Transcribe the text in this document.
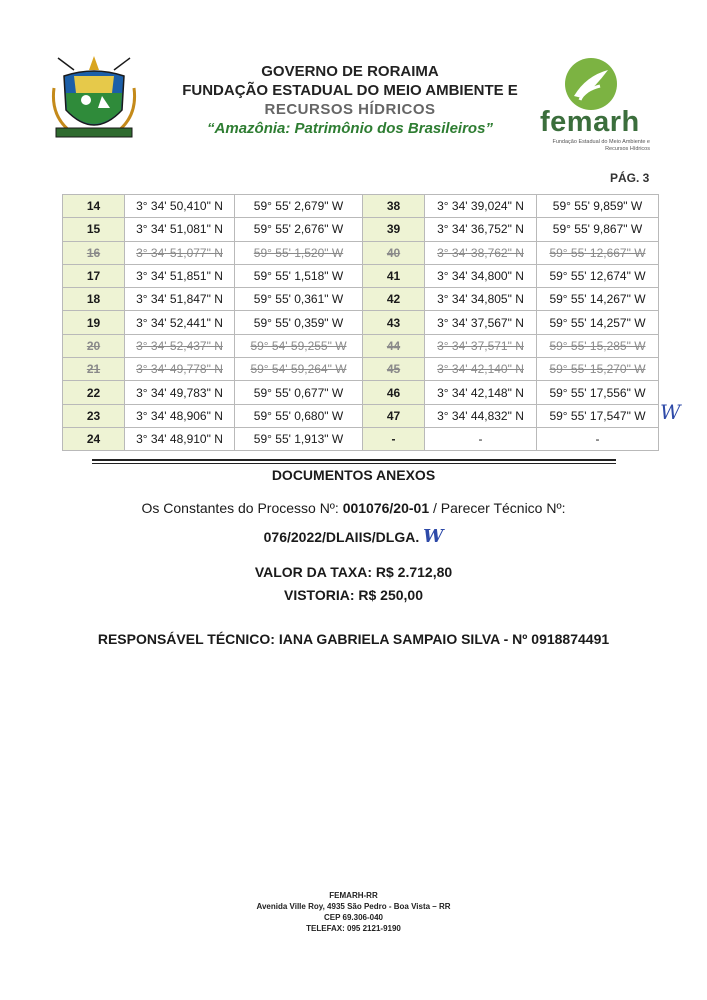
GOVERNO DE RORAIMA
FUNDAÇÃO ESTADUAL DO MEIO AMBIENTE E
RECURSOS HÍDRICOS
“Amazônia: Patrimônio dos Brasileiros”	femarh
Fundação Estadual do Meio Ambiente e Recursos Hídricos
PÁG. 3
14	3° 34' 50,410" N	59° 55' 2,679" W	38	3° 34' 39,024" N	59° 55' 9,859" W
15	3° 34' 51,081" N	59° 55' 2,676" W	39	3° 34' 36,752" N	59° 55' 9,867" W
16	3° 34' 51,077" N	59° 55' 1,520" W	40	3° 34' 38,762" N	59° 55' 12,667" W
17	3° 34' 51,851" N	59° 55' 1,518" W	41	3° 34' 34,800" N	59° 55' 12,674" W
18	3° 34' 51,847" N	59° 55' 0,361" W	42	3° 34' 34,805" N	59° 55' 14,267" W
19	3° 34' 52,441" N	59° 55' 0,359" W	43	3° 34' 37,567" N	59° 55' 14,257" W
20	3° 34' 52,437" N	59° 54' 59,255" W	44	3° 34' 37,571" N	59° 55' 15,285" W
21	3° 34' 49,778" N	59° 54' 59,264" W	45	3° 34' 42,140" N	59° 55' 15,270" W
22	3° 34' 49,783" N	59° 55' 0,677" W	46	3° 34' 42,148" N	59° 55' 17,556" W
23	3° 34' 48,906" N	59° 55' 0,680" W	47	3° 34' 44,832" N	59° 55' 17,547" W
24	3° 34' 48,910" N	59° 55' 1,913" W	-	-	-
W
DOCUMENTOS ANEXOS
Os Constantes do Processo Nº: 001076/20-01 / Parecer Técnico Nº:
076/2022/DLAIIS/DLGA. W
VALOR DA TAXA: R$ 2.712,80
VISTORIA: R$ 250,00
RESPONSÁVEL TÉCNICO: IANA GABRIELA SAMPAIO SILVA - Nº 0918874491
FEMARH-RR
Avenida Ville Roy, 4935 São Pedro - Boa Vista – RR
CEP 69.306-040
TELEFAX: 095 2121-9190
